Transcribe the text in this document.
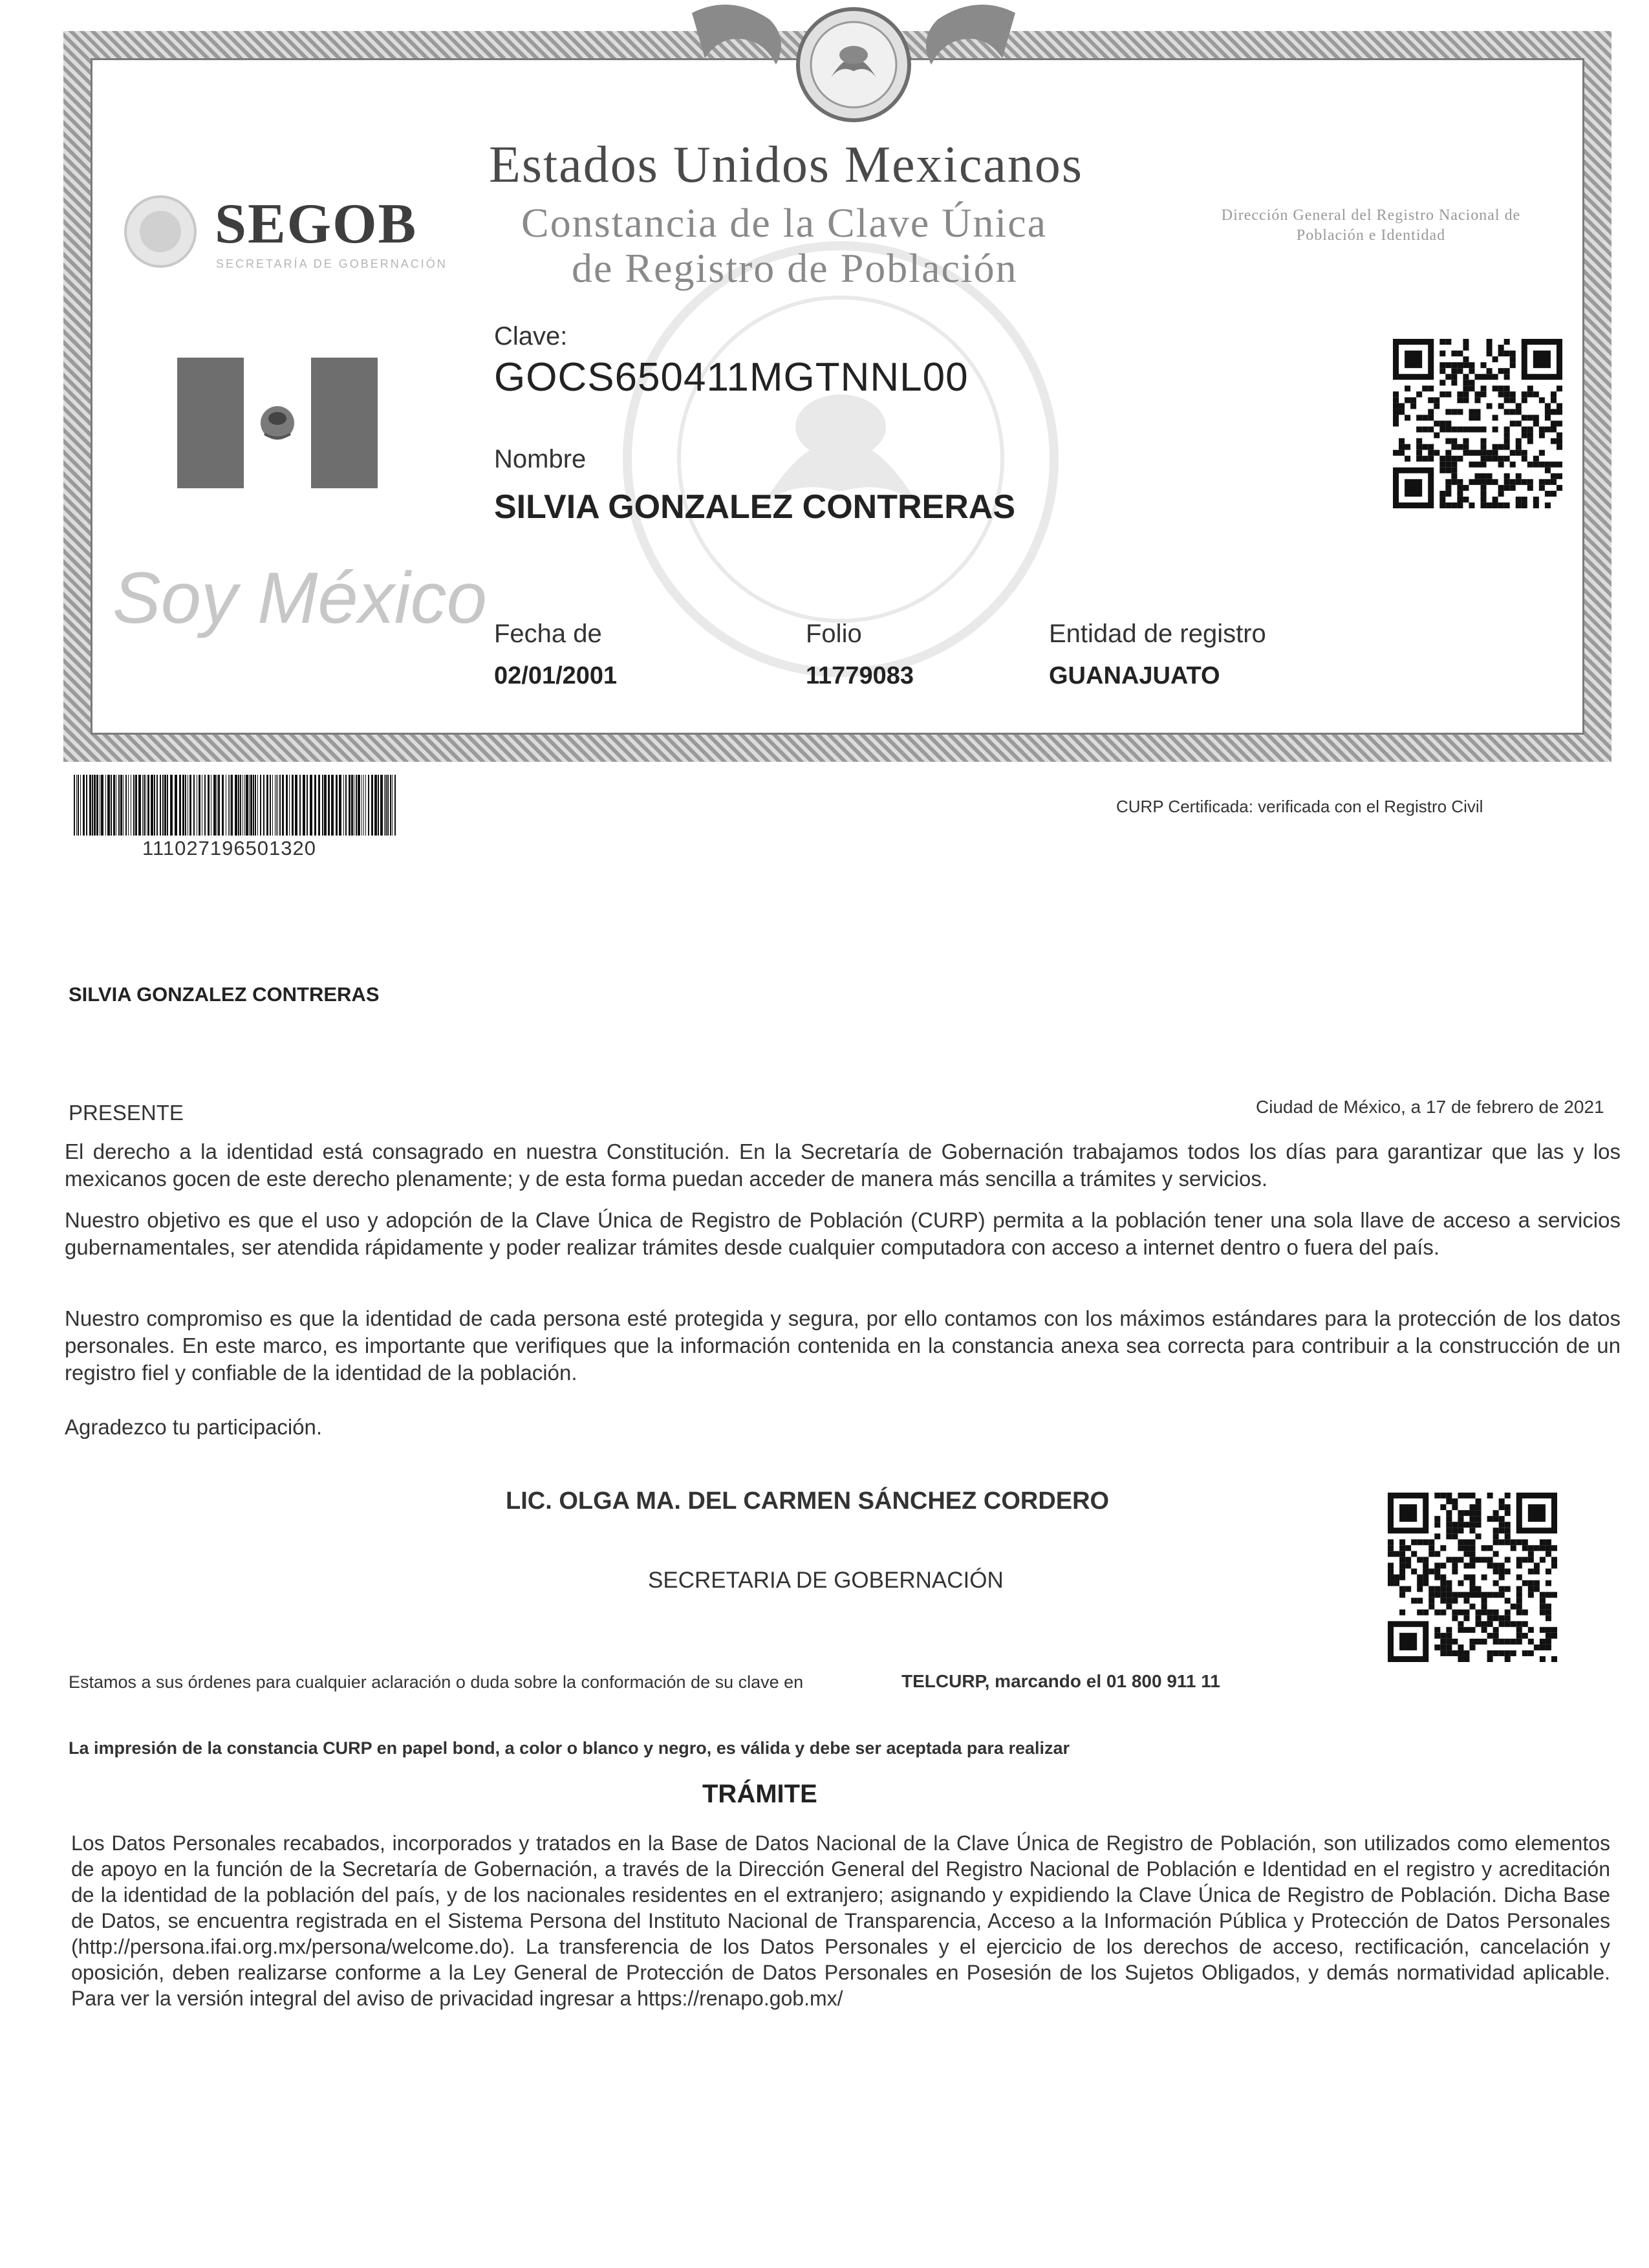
Estados Unidos Mexicanos
Constancia de la Clave Única
de Registro de Población
SEGOB
SECRETARÍA DE GOBERNACIÓN
Dirección General del Registro Nacional de Población e Identidad
Soy México
Clave:
GOCS650411MGTNNL00
Nombre
SILVIA GONZALEZ CONTRERAS
Fecha de
02/01/2001
Folio
11779083
Entidad de registro
GUANAJUATO
111027196501320
CURP Certificada: verificada con el Registro Civil
SILVIA GONZALEZ CONTRERAS
PRESENTE	Ciudad de México, a 17 de febrero de 2021
El derecho a la identidad está consagrado en nuestra Constitución. En la Secretaría de Gobernación trabajamos todos los días para garantizar que las y los mexicanos gocen de este derecho plenamente; y de esta forma puedan acceder de manera más sencilla a trámites y servicios.
Nuestro objetivo es que el uso y adopción de la Clave Única de Registro de Población (CURP) permita a la población tener una sola llave de acceso a servicios gubernamentales, ser atendida rápidamente y poder realizar trámites desde cualquier computadora con acceso a internet dentro o fuera del país.
Nuestro compromiso es que la identidad de cada persona esté protegida y segura, por ello contamos con los máximos estándares para la protección de los datos personales. En este marco, es importante que verifiques que la información contenida en la constancia anexa sea correcta para contribuir a la construcción de un registro fiel y confiable de la identidad de la población.
Agradezco tu participación.
LIC. OLGA MA. DEL CARMEN SÁNCHEZ CORDERO
SECRETARIA DE GOBERNACIÓN
Estamos a sus órdenes para cualquier aclaración o duda sobre la conformación de su clave en	TELCURP, marcando el 01 800 911 11
La impresión de la constancia CURP en papel bond, a color o blanco y negro, es válida y debe ser aceptada para realizar
TRÁMITE
Los Datos Personales recabados, incorporados y tratados en la Base de Datos Nacional de la Clave Única de Registro de Población, son utilizados como elementos de apoyo en la función de la Secretaría de Gobernación, a través de la Dirección General del Registro Nacional de Población e Identidad en el registro y acreditación de la identidad de la población del país, y de los nacionales residentes en el extranjero; asignando y expidiendo la Clave Única de Registro de Población. Dicha Base de Datos, se encuentra registrada en el Sistema Persona del Instituto Nacional de Transparencia, Acceso a la Información Pública y Protección de Datos Personales (http://persona.ifai.org.mx/persona/welcome.do). La transferencia de los Datos Personales y el ejercicio de los derechos de acceso, rectificación, cancelación y oposición, deben realizarse conforme a la Ley General de Protección de Datos Personales en Posesión de los Sujetos Obligados, y demás normatividad aplicable. Para ver la versión integral del aviso de privacidad ingresar a https://renapo.gob.mx/
